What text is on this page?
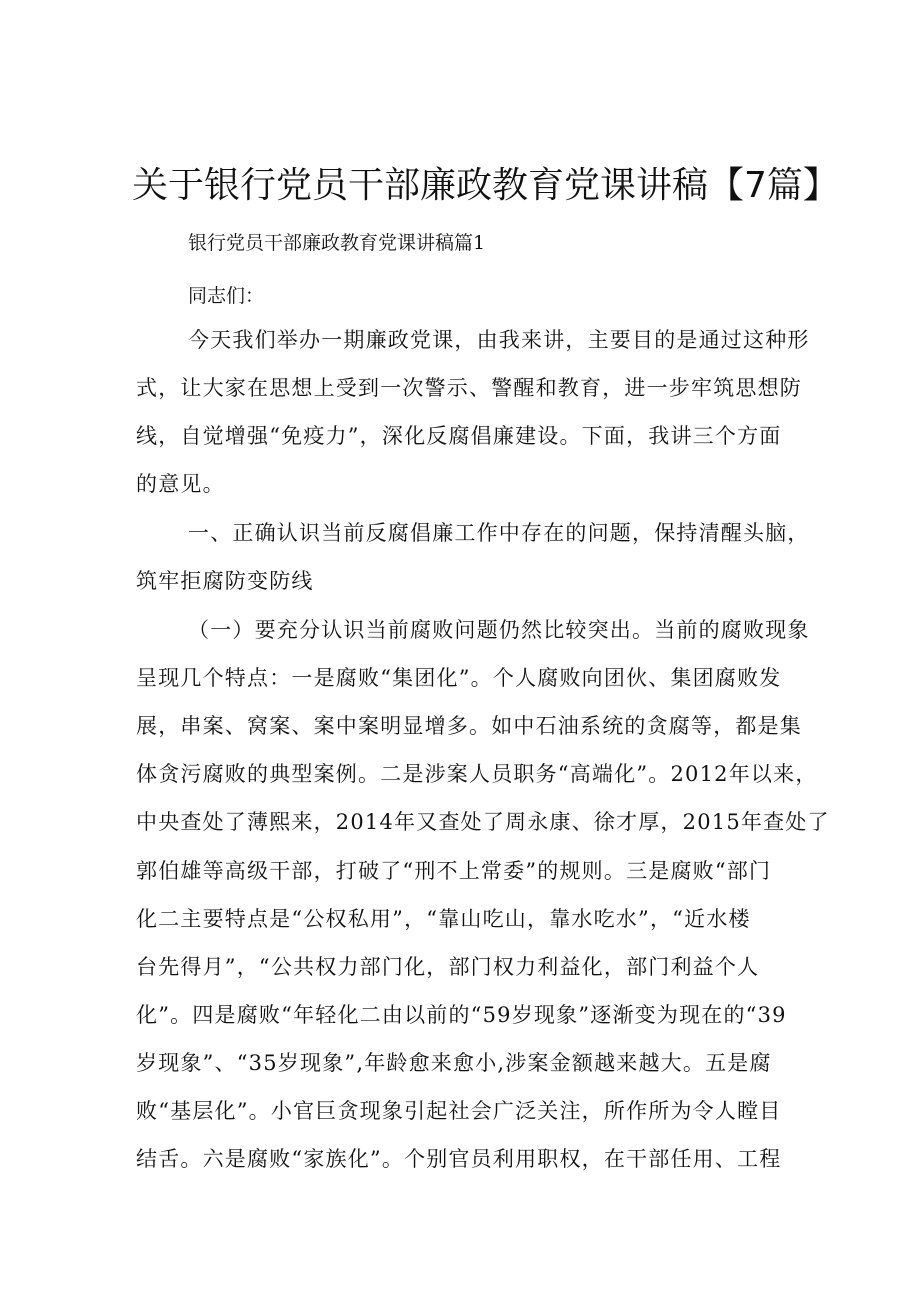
关于银行党员干部廉政教育党课讲稿【7篇】
银行党员干部廉政教育党课讲稿篇1
同志们：
今天我们举办一期廉政党课，由我来讲，主要目的是通过这种形
式，让大家在思想上受到一次警示、警醒和教育，进一步牢筑思想防
线，自觉增强“免疫力”，深化反腐倡廉建设。下面，我讲三个方面
的意见。
一、正确认识当前反腐倡廉工作中存在的问题，保持清醒头脑，
筑牢拒腐防变防线
（一）要充分认识当前腐败问题仍然比较突出。当前的腐败现象
呈现几个特点：一是腐败“集团化”。个人腐败向团伙、集团腐败发
展，串案、窝案、案中案明显增多。如中石油系统的贪腐等，都是集
体贪污腐败的典型案例。二是涉案人员职务“高端化”。2012年以来，
中央查处了薄熙来，2014年又查处了周永康、徐才厚，2015年查处了
郭伯雄等高级干部，打破了“刑不上常委”的规则。三是腐败“部门
化二主要特点是“公权私用”，“靠山吃山，靠水吃水”，“近水楼
台先得月”，“公共权力部门化，部门权力利益化，部门利益个人
化”。四是腐败“年轻化二由以前的“59岁现象”逐渐变为现在的“39
岁现象”、“35岁现象”,年龄愈来愈小,涉案金额越来越大。五是腐
败“基层化”。小官巨贪现象引起社会广泛关注，所作所为令人瞠目
结舌。六是腐败“家族化”。个别官员利用职权，在干部任用、工程
